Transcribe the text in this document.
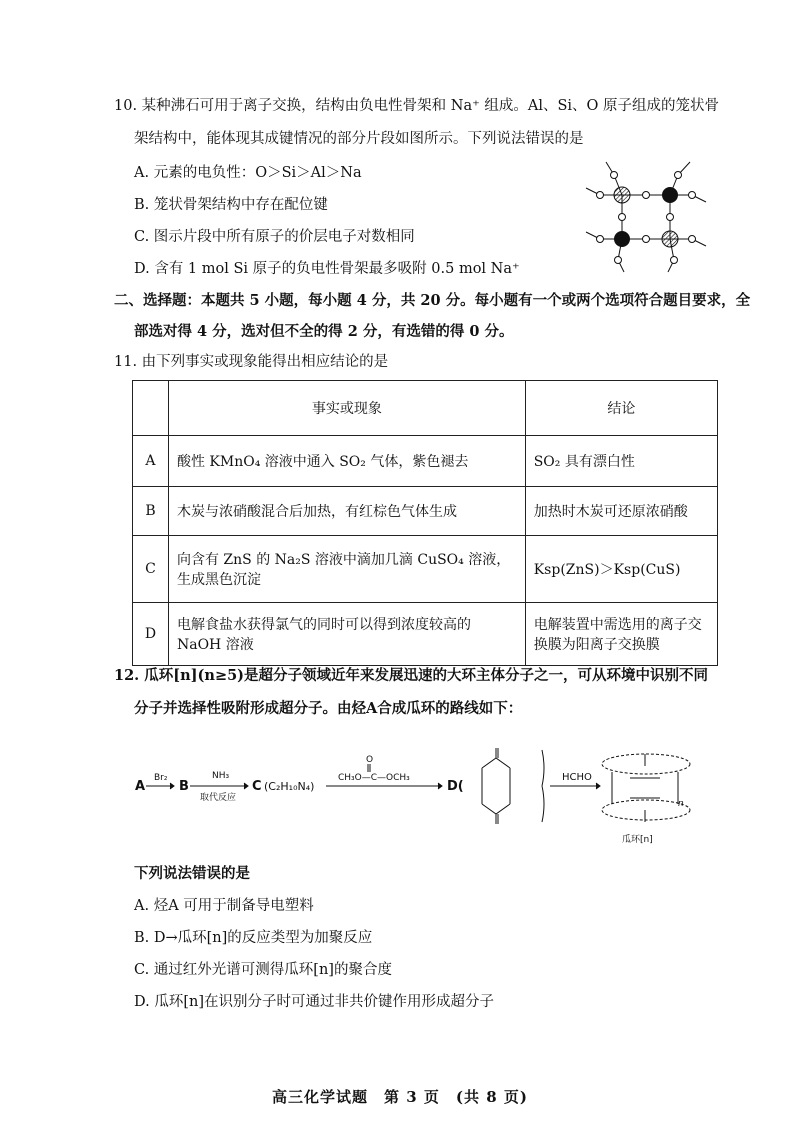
10. 某种沸石可用于离子交换，结构由负电性骨架和 Na⁺ 组成。Al、Si、O 原子组成的笼状骨
架结构中，能体现其成键情况的部分片段如图所示。下列说法错误的是
A. 元素的电负性：O＞Si＞Al＞Na
B. 笼状骨架结构中存在配位键
C. 图示片段中所有原子的价层电子对数相同
D. 含有 1 mol Si 原子的负电性骨架最多吸附 0.5 mol Na⁺
二、选择题：本题共 5 小题，每小题 4 分，共 20 分。每小题有一个或两个选项符合题目要求，全
部选对得 4 分，选对但不全的得 2 分，有选错的得 0 分。
11. 由下列事实或现象能得出相应结论的是
	事实或现象	结论
A	酸性 KMnO₄ 溶液中通入 SO₂ 气体，紫色褪去	SO₂ 具有漂白性
B	木炭与浓硝酸混合后加热，有红棕色气体生成	加热时木炭可还原浓硝酸
C	向含有 ZnS 的 Na₂S 溶液中滴加几滴 CuSO₄ 溶液，生成黑色沉淀	Ksp(ZnS)＞Ksp(CuS)
D	电解食盐水获得氯气的同时可以得到浓度较高的 NaOH 溶液	电解装置中需选用的离子交换膜为阳离子交换膜
12. 瓜环[n](n≥5)是超分子领域近年来发展迅速的大环主体分子之一，可从环境中识别不同
分子并选择性吸附形成超分子。由烃A合成瓜环的路线如下：
A
Br₂
B
NH₃
取代反应
C (C₂H₁₀N₄)
O
CH₃O—C—OCH₃
D(
HCHO
瓜环[n]
n
下列说法错误的是
A. 烃A 可用于制备导电塑料
B. D→瓜环[n]的反应类型为加聚反应
C. 通过红外光谱可测得瓜环[n]的聚合度
D. 瓜环[n]在识别分子时可通过非共价键作用形成超分子
高三化学试题　第 3 页　(共 8 页)
